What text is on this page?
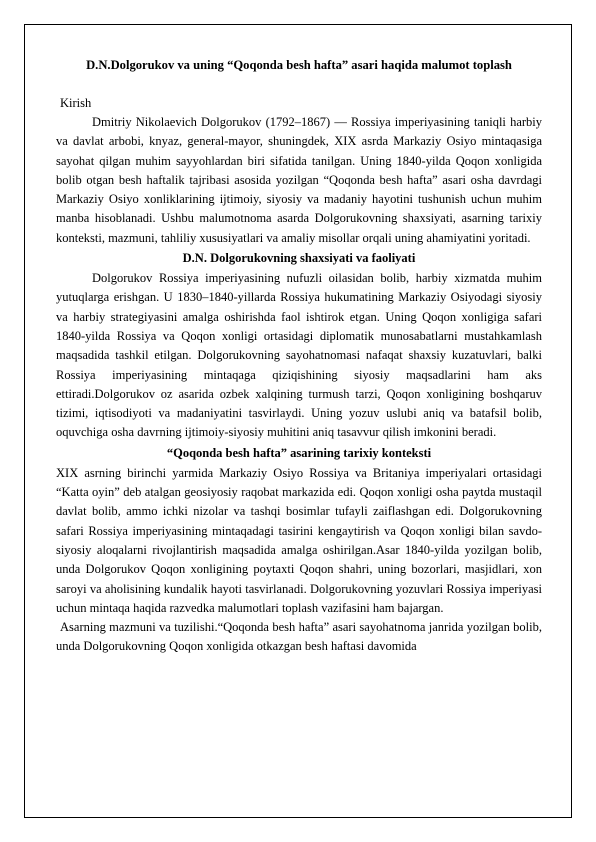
D.N.Dolgorukov va uning “Qoqonda besh hafta” asari haqida malumot toplash

Kirish

Dmitriy Nikolaevich Dolgorukov (1792–1867) — Rossiya imperiyasining taniqli harbiy va davlat arbobi, knyaz, general-mayor, shuningdek, XIX asrda Markaziy Osiyo mintaqasiga sayohat qilgan muhim sayyohlardan biri sifatida tanilgan. Uning 1840-yilda Qoqon xonligida bolib otgan besh haftalik tajribasi asosida yozilgan “Qoqonda besh hafta” asari osha davrdagi Markaziy Osiyo xonliklarining ijtimoiy, siyosiy va madaniy hayotini tushunish uchun muhim manba hisoblanadi. Ushbu malumotnoma asarda Dolgorukovning shaxsiyati, asarning tarixiy konteksti, mazmuni, tahliliy xususiyatlari va amaliy misollar orqali uning ahamiyatini yoritadi.

D.N. Dolgorukovning shaxsiyati va faoliyati

Dolgorukov Rossiya imperiyasining nufuzli oilasidan bolib, harbiy xizmatda muhim yutuqlarga erishgan. U 1830–1840-yillarda Rossiya hukumatining Markaziy Osiyodagi siyosiy va harbiy strategiyasini amalga oshirishda faol ishtirok etgan. Uning Qoqon xonligiga safari 1840-yilda Rossiya va Qoqon xonligi ortasidagi diplomatik munosabatlarni mustahkamlash maqsadida tashkil etilgan. Dolgorukovning sayohatnomasi nafaqat shaxsiy kuzatuvlari, balki Rossiya imperiyasining mintaqaga qiziqishining siyosiy maqsadlarini ham aks ettiradi.Dolgorukov oz asarida ozbek xalqining turmush tarzi, Qoqon xonligining boshqaruv tizimi, iqtisodiyoti va madaniyatini tasvirlaydi. Uning yozuv uslubi aniq va batafsil bolib, oquvchiga osha davrning ijtimoiy-siyosiy muhitini aniq tasavvur qilish imkonini beradi.

“Qoqonda besh hafta” asarining tarixiy konteksti

XIX asrning birinchi yarmida Markaziy Osiyo Rossiya va Britaniya imperiyalari ortasidagi “Katta oyin” deb atalgan geosiyosiy raqobat markazida edi. Qoqon xonligi osha paytda mustaqil davlat bolib, ammo ichki nizolar va tashqi bosimlar tufayli zaiflashgan edi. Dolgorukovning safari Rossiya imperiyasining mintaqadagi tasirini kengaytirish va Qoqon xonligi bilan savdo-siyosiy aloqalarni rivojlantirish maqsadida amalga oshirilgan.Asar 1840-yilda yozilgan bolib, unda Dolgorukov Qoqon xonligining poytaxti Qoqon shahri, uning bozorlari, masjidlari, xon saroyi va aholisining kundalik hayoti tasvirlanadi. Dolgorukovning yozuvlari Rossiya imperiyasi uchun mintaqa haqida razvedka malumotlari toplash vazifasini ham bajargan.

Asarning mazmuni va tuzilishi.“Qoqonda besh hafta” asari sayohatnoma janrida yozilgan bolib, unda Dolgorukovning Qoqon xonligida otkazgan besh haftasi davomida
